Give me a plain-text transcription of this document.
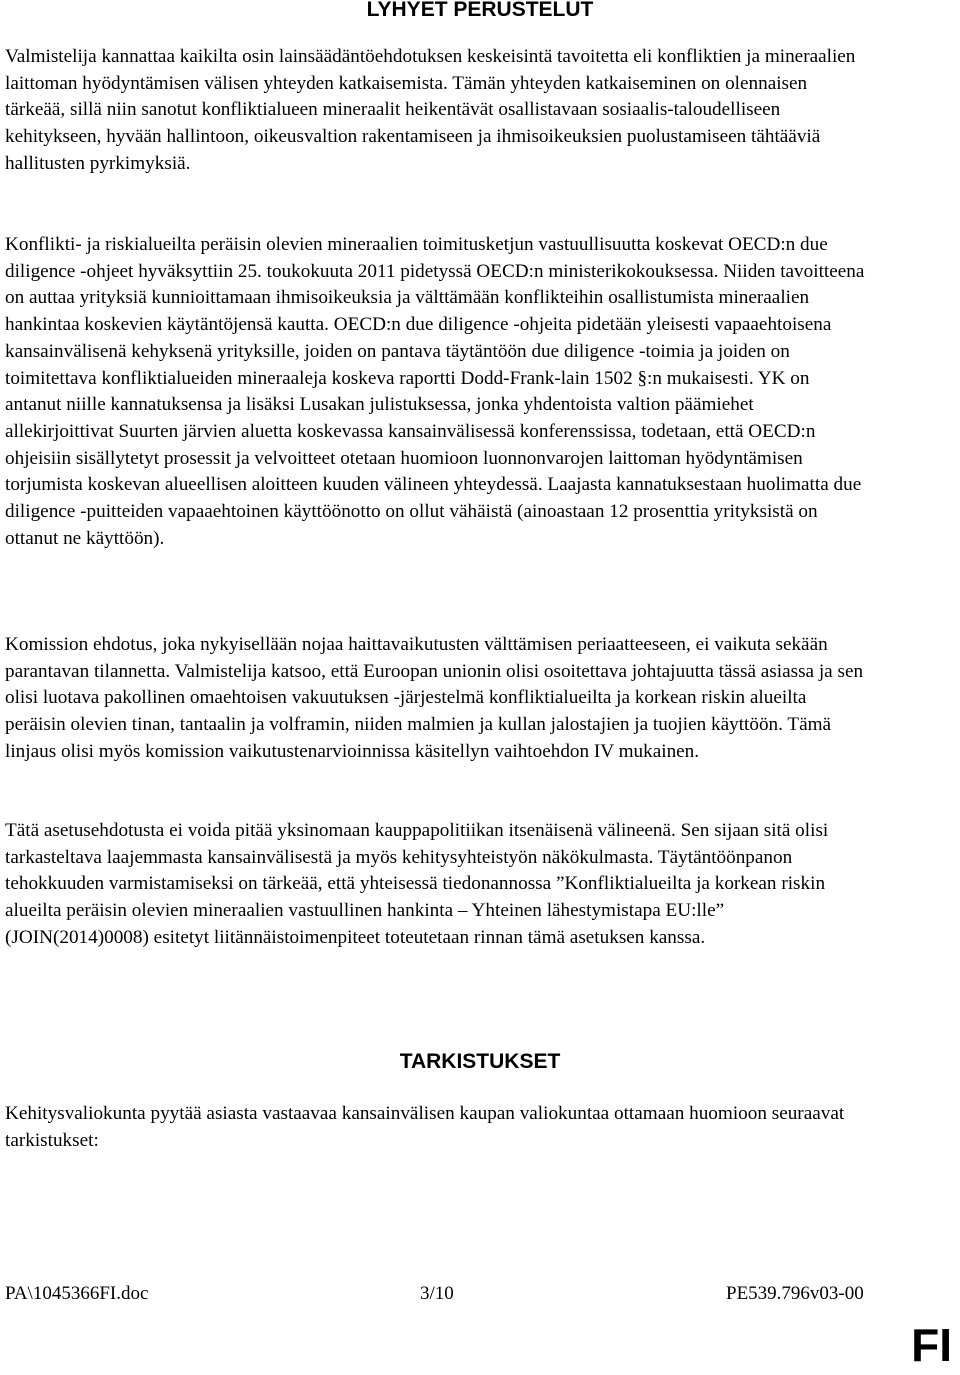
LYHYET PERUSTELUT

Valmistelija kannattaa kaikilta osin lainsäädäntöehdotuksen keskeisintä tavoitetta eli konfliktien ja mineraalien laittoman hyödyntämisen välisen yhteyden katkaisemista. Tämän yhteyden katkaiseminen on olennaisen tärkeää, sillä niin sanotut konfliktialueen mineraalit heikentävät osallistavaan sosiaalis-taloudelliseen kehitykseen, hyvään hallintoon, oikeusvaltion rakentamiseen ja ihmisoikeuksien puolustamiseen tähtääviä hallitusten pyrkimyksiä.

Konflikti- ja riskialueilta peräisin olevien mineraalien toimitusketjun vastuullisuutta koskevat OECD:n due diligence -ohjeet hyväksyttiin 25. toukokuuta 2011 pidetyssä OECD:n ministerikokouksessa. Niiden tavoitteena on auttaa yrityksiä kunnioittamaan ihmisoikeuksia ja välttämään konflikteihin osallistumista mineraalien hankintaa koskevien käytäntöjensä kautta. OECD:n due diligence -ohjeita pidetään yleisesti vapaaehtoisena kansainvälisenä kehyksenä yrityksille, joiden on pantava täytäntöön due diligence -toimia ja joiden on toimitettava konfliktialueiden mineraaleja koskeva raportti Dodd-Frank-lain 1502 §:n mukaisesti. YK on antanut niille kannatuksensa ja lisäksi Lusakan julistuksessa, jonka yhdentoista valtion päämiehet allekirjoittivat Suurten järvien aluetta koskevassa kansainvälisessä konferenssissa, todetaan, että OECD:n ohjeisiin sisällytetyt prosessit ja velvoitteet otetaan huomioon luonnonvarojen laittoman hyödyntämisen torjumista koskevan alueellisen aloitteen kuuden välineen yhteydessä. Laajasta kannatuksestaan huolimatta due diligence -puitteiden vapaaehtoinen käyttöönotto on ollut vähäistä (ainoastaan 12 prosenttia yrityksistä on ottanut ne käyttöön).

Komission ehdotus, joka nykyisellään nojaa haittavaikutusten välttämisen periaatteeseen, ei vaikuta sekään parantavan tilannetta. Valmistelija katsoo, että Euroopan unionin olisi osoitettava johtajuutta tässä asiassa ja sen olisi luotava pakollinen omaehtoisen vakuutuksen -järjestelmä konfliktialueilta ja korkean riskin alueilta peräisin olevien tinan, tantaalin ja volframin, niiden malmien ja kullan jalostajien ja tuojien käyttöön. Tämä linjaus olisi myös komission vaikutustenarvioinnissa käsitellyn vaihtoehdon IV mukainen.

Tätä asetusehdotusta ei voida pitää yksinomaan kauppapolitiikan itsenäisenä välineenä. Sen sijaan sitä olisi tarkasteltava laajemmasta kansainvälisestä ja myös kehitysyhteistyön näkökulmasta. Täytäntöönpanon tehokkuuden varmistamiseksi on tärkeää, että yhteisessä tiedonannossa ”Konfliktialueilta ja korkean riskin alueilta peräisin olevien mineraalien vastuullinen hankinta – Yhteinen lähestymistapa EU:lle” (JOIN(2014)0008) esitetyt liitännäistoimenpiteet toteutetaan rinnan tämä asetuksen kanssa.

TARKISTUKSET

Kehitysvaliokunta pyytää asiasta vastaavaa kansainvälisen kaupan valiokuntaa ottamaan huomioon seuraavat tarkistukset:

PA\1045366FI.doc	3/10	PE539.796v03-00
FI
